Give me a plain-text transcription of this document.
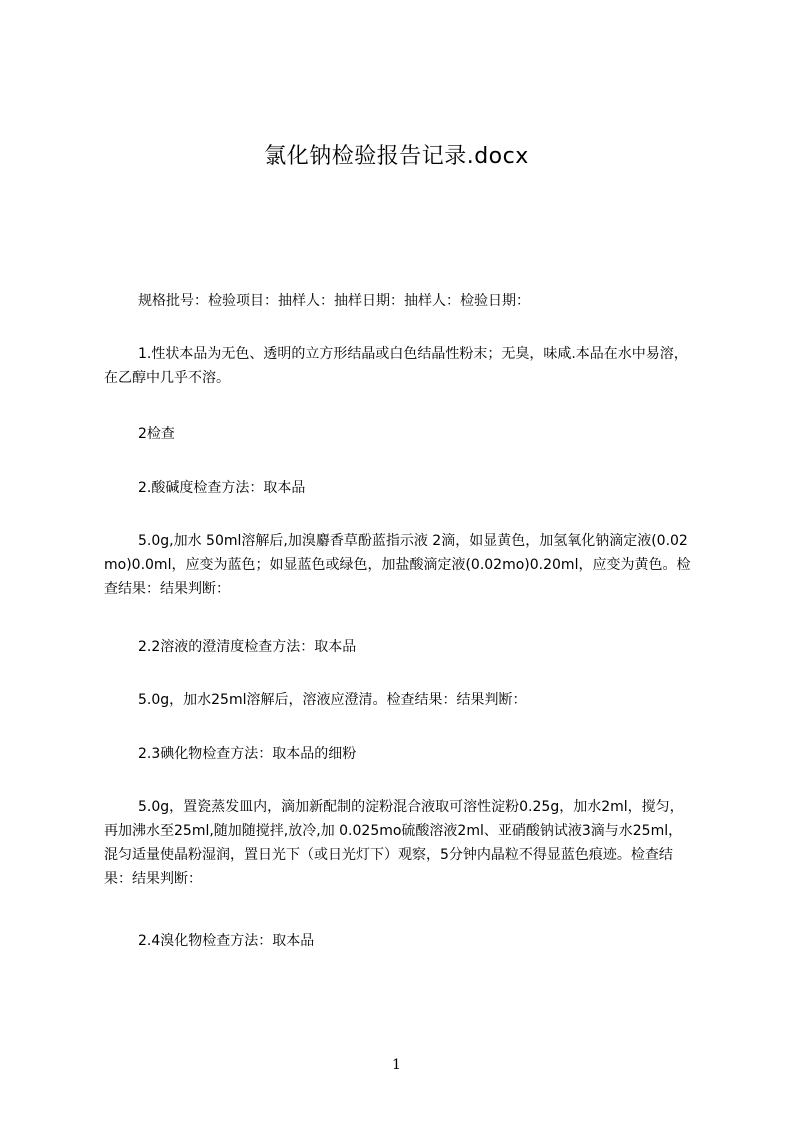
氯化钠检验报告记录.docx

规格批号：检验项目：抽样人：抽样日期：抽样人：检验日期：

1.性状本品为无色、透明的立方形结晶或白色结晶性粉末；无臭，味咸.本品在水中易溶，在乙醇中几乎不溶。

2检查

2.酸碱度检查方法：取本品

5.0g,加水 50ml溶解后,加溴麝香草酚蓝指示液 2滴，如显黄色，加氢氧化钠滴定液(0.02mo)0.0ml，应变为蓝色；如显蓝色或绿色，加盐酸滴定液(0.02mo)0.20ml，应变为黄色。检查结果：结果判断：

2.2溶液的澄清度检查方法：取本品

5.0g，加水25ml溶解后，溶液应澄清。检查结果：结果判断：

2.3碘化物检查方法：取本品的细粉

5.0g，置瓷蒸发皿内，滴加新配制的淀粉混合液取可溶性淀粉0.25g，加水2ml，搅匀，再加沸水至25ml,随加随搅拌,放冷,加 0.025mo硫酸溶液2ml、亚硝酸钠试液3滴与水25ml，混匀适量使晶粉湿润，置日光下（或日光灯下）观察，5分钟内晶粒不得显蓝色痕迹。检查结果：结果判断：

2.4溴化物检查方法：取本品

1
